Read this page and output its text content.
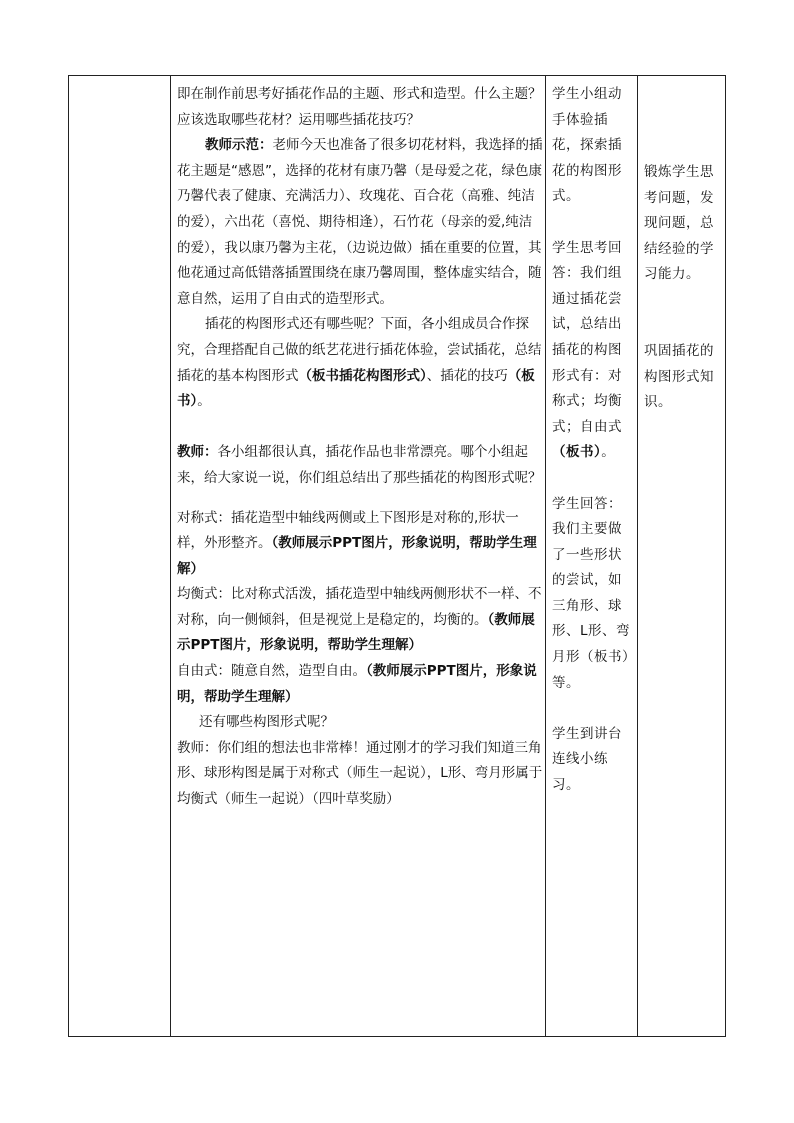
即在制作前思考好插花作品的主题、形式和造型。什么主题？应该选取哪些花材？运用哪些插花技巧？

教师示范：老师今天也准备了很多切花材料，我选择的插花主题是“感恩”，选择的花材有康乃馨（是母爱之花，绿色康乃馨代表了健康、充满活力）、玫瑰花、百合花（高雅、纯洁的爱），六出花（喜悦、期待相逢），石竹花（母亲的爱,纯洁的爱），我以康乃馨为主花，（边说边做）插在重要的位置，其他花通过高低错落插置围绕在康乃馨周围，整体虚实结合，随意自然，运用了自由式的造型形式。

插花的构图形式还有哪些呢？下面，各小组成员合作探究，合理搭配自己做的纸艺花进行插花体验，尝试插花，总结插花的基本构图形式（板书插花构图形式）、插花的技巧（板书）。

教师：各小组都很认真，插花作品也非常漂亮。哪个小组起来，给大家说一说，你们组总结出了那些插花的构图形式呢？

对称式：插花造型中轴线两侧或上下图形是对称的,形状一样，外形整齐。（教师展示PPT图片，形象说明，帮助学生理解）

均衡式：比对称式活泼，插花造型中轴线两侧形状不一样、不对称，向一侧倾斜，但是视觉上是稳定的，均衡的。（教师展示PPT图片，形象说明，帮助学生理解）

自由式：随意自然，造型自由。（教师展示PPT图片，形象说明，帮助学生理解）

还有哪些构图形式呢？

教师：你们组的想法也非常棒！通过刚才的学习我们知道三角形、球形构图是属于对称式（师生一起说），L形、弯月形属于均衡式（师生一起说）（四叶草奖励）

学生小组动手体验插花，探索插花的构图形式。

学生思考回答：我们组通过插花尝试，总结出插花的构图形式有：对称式；均衡式；自由式（板书）。

学生回答：我们主要做了一些形状的尝试，如三角形、球形、L形、弯月形（板书）等。

学生到讲台连线小练习。

锻炼学生思考问题，发现问题，总结经验的学习能力。

巩固插花的构图形式知识。
